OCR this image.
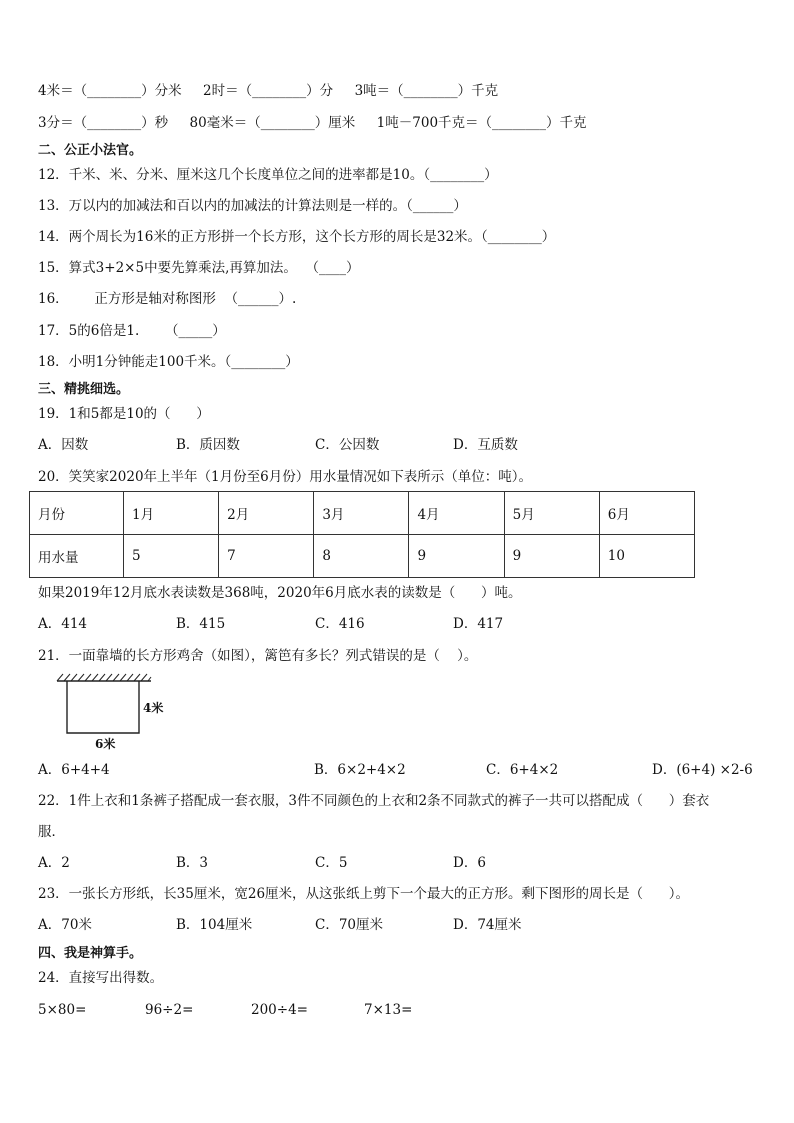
4米＝（________）分米     2时＝（________）分     3吨＝（________）千克
3分＝（________）秒     80毫米＝（________）厘米     1吨－700千克＝（________）千克
二、公正小法官。
12．千米、米、分米、厘米这几个长度单位之间的进率都是10。（________）
13．万以内的加减法和百以内的加减法的计算法则是一样的。（______）
14．两个周长为16米的正方形拼一个长方形，这个长方形的周长是32米。（________）
15．算式3+2×5中要先算乘法,再算加法。  （____）
16．      正方形是轴对称图形  （______）.
17．5的6倍是1.      （_____）
18．小明1分钟能走100千米。（________）
三、精挑细选。
19．1和5都是10的（      ）
A．因数	B．质因数	C．公因数	D．互质数
20．笑笑家2020年上半年（1月份至6月份）用水量情况如下表所示（单位：吨）。
月份	1月	2月	3月	4月	5月	6月
用水量	5	7	8	9	9	10
如果2019年12月底水表读数是368吨，2020年6月底水表的读数是（      ）吨。
A．414	B．415	C．416	D．417
21．一面靠墙的长方形鸡舍（如图），篱笆有多长？列式错误的是（    ）。
4米
6米
A．6+4+4	B．6×2+4×2	C．6+4×2	D．(6+4) ×2-6
22．1件上衣和1条裤子搭配成一套衣服，3件不同颜色的上衣和2条不同款式的裤子一共可以搭配成（      ）套衣
服．
A．2	B．3	C．5	D．6
23．一张长方形纸，长35厘米，宽26厘米，从这张纸上剪下一个最大的正方形。剩下图形的周长是（      ）。
A．70米	B．104厘米	C．70厘米	D．74厘米
四、我是神算手。
24．直接写出得数。
5×80=	96÷2=	200÷4=	7×13=
